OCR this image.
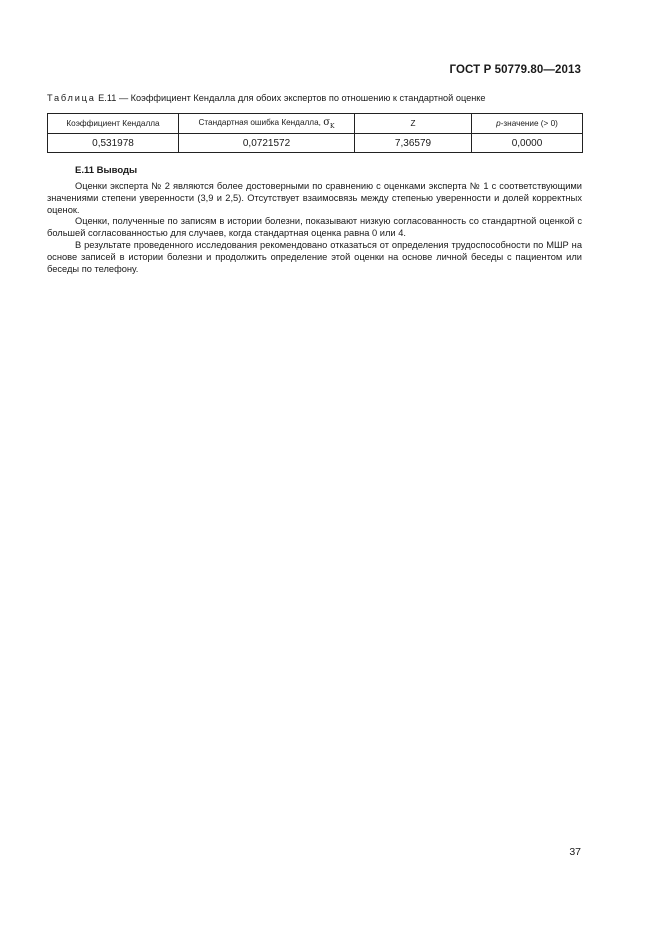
ГОСТ Р 50779.80—2013
Таблица Е.11 — Коэффициент Кендалла для обоих экспертов по отношению к стандартной оценке
Коэффициент Кендалла	Стандартная ошибка Кендалла, $\sigma_K$	Z	p-значение (> 0)
0,531978	0,0721572	7,36579	0,0000
Е.11 Выводы

Оценки эксперта № 2 являются более достоверными по сравнению с оценками эксперта № 1 с соответствующими значениями степени уверенности (3,9 и 2,5). Отсутствует взаимосвязь между степенью уверенности и долей корректных оценок.

Оценки, полученные по записям в истории болезни, показывают низкую согласованность со стандартной оценкой с большей согласованностью для случаев, когда стандартная оценка равна 0 или 4.

В результате проведенного исследования рекомендовано отказаться от определения трудоспособности по МШР на основе записей в истории болезни и продолжить определение этой оценки на основе личной беседы с пациентом или беседы по телефону.

37
